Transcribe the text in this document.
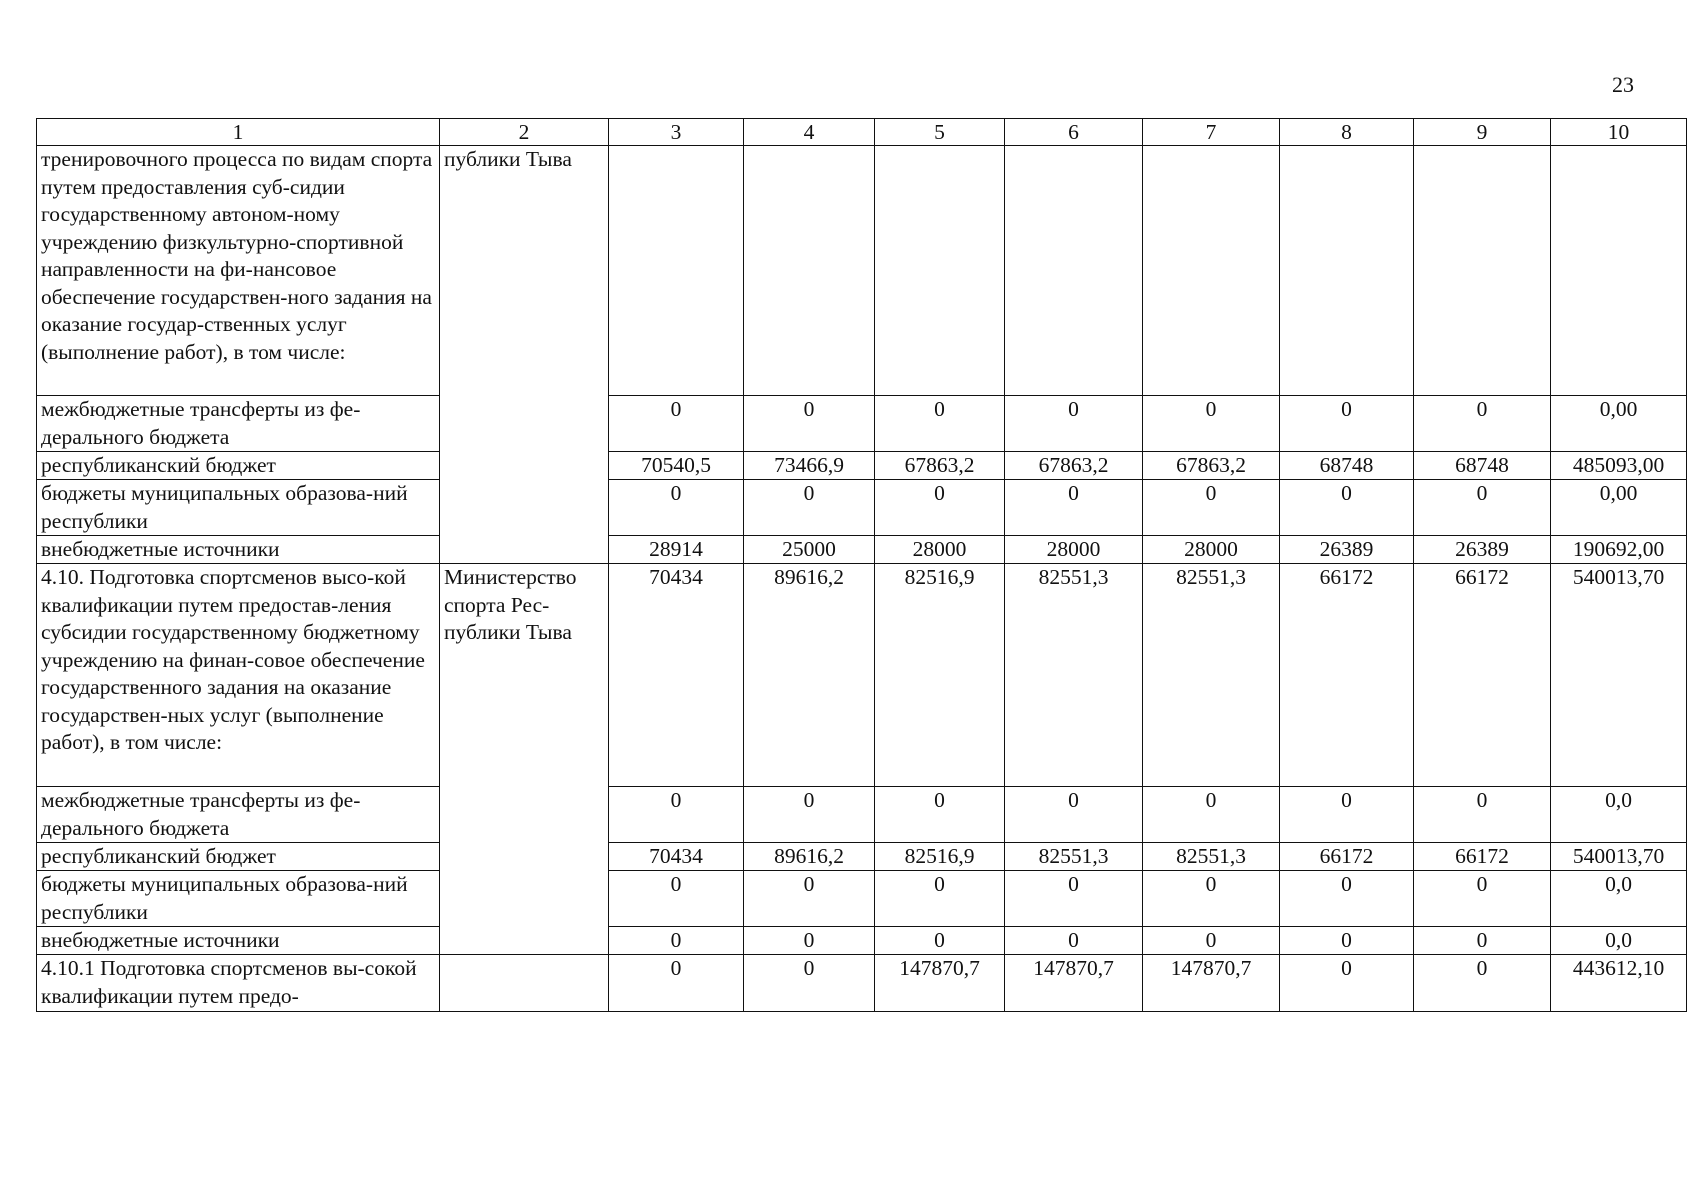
23
1	2	3	4	5	6	7	8	9	10
тренировочного процесса по видам спорта путем предоставления суб-сидии государственному автоном-ному учреждению физкультурно-спортивной направленности на фи-нансовое обеспечение государствен-ного задания на оказание государ-ственных услуг (выполнение работ), в том числе:	публики Тыва								
межбюджетные трансферты из фе-дерального бюджета		0	0	0	0	0	0	0	0,00
республиканский бюджет		70540,5	73466,9	67863,2	67863,2	67863,2	68748	68748	485093,00
бюджеты муниципальных образова-ний республики		0	0	0	0	0	0	0	0,00
внебюджетные источники		28914	25000	28000	28000	28000	26389	26389	190692,00
4.10. Подготовка спортсменов высо-кой квалификации путем предостав-ления субсидии государственному бюджетному учреждению на финан-совое обеспечение государственного задания на оказание государствен-ных услуг (выполнение работ), в том числе:	Министерство спорта Рес-публики Тыва	70434	89616,2	82516,9	82551,3	82551,3	66172	66172	540013,70
межбюджетные трансферты из фе-дерального бюджета		0	0	0	0	0	0	0	0,0
республиканский бюджет		70434	89616,2	82516,9	82551,3	82551,3	66172	66172	540013,70
бюджеты муниципальных образова-ний республики		0	0	0	0	0	0	0	0,0
внебюджетные источники		0	0	0	0	0	0	0	0,0
4.10.1 Подготовка спортсменов вы-сокой квалификации путем предо-		0	0	147870,7	147870,7	147870,7	0	0	443612,10
